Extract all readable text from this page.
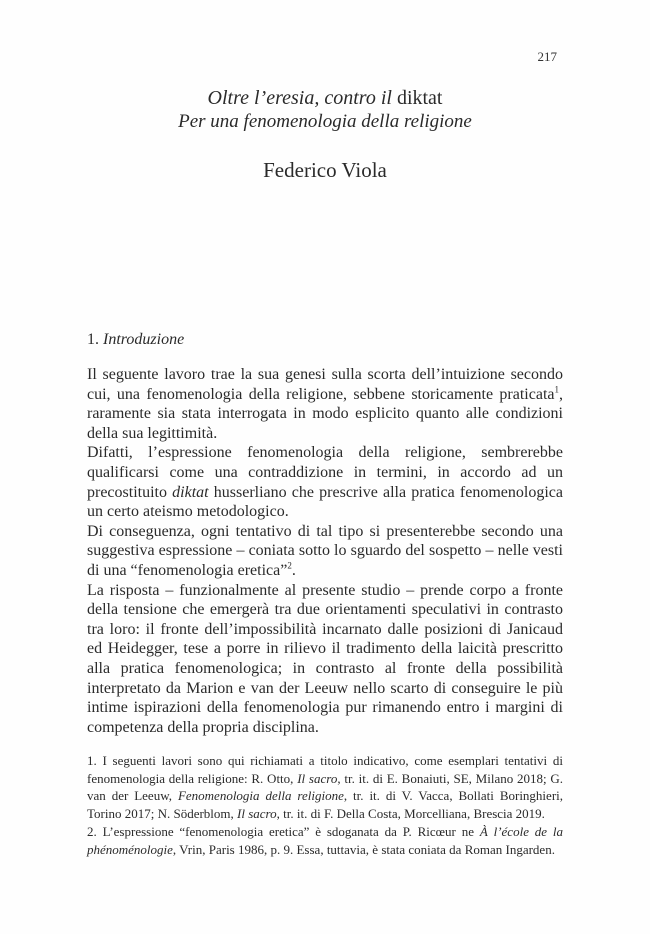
217
Oltre l’eresia, contro il diktat
Per una fenomenologia della religione
Federico Viola
1. Introduzione

Il seguente lavoro trae la sua genesi sulla scorta dell’intuizione secondo cui, una fenomenologia della religione, sebbene storicamente praticata$^1$, raramente sia stata interrogata in modo esplicito quanto alle condizioni della sua legittimità.

Difatti, l’espressione fenomenologia della religione, sembrerebbe qualificarsi come una contraddizione in termini, in accordo ad un precostituito diktat husserliano che prescrive alla pratica fenomenologica un certo ateismo metodologico.

Di conseguenza, ogni tentativo di tal tipo si presenterebbe secondo una suggestiva espressione – coniata sotto lo sguardo del sospetto – nelle vesti di una “fenomenologia eretica”$^2$.

La risposta – funzionalmente al presente studio – prende corpo a fronte della tensione che emergerà tra due orientamenti speculativi in contrasto tra loro: il fronte dell’impossibilità incarnato dalle posizioni di Janicaud ed Heidegger, tese a porre in rilievo il tradimento della laicità prescritto alla pratica fenomenologica; in contrasto al fronte della possibilità interpretato da Marion e van der Leeuw nello scarto di conseguire le più intime ispirazioni della fenomenologia pur rimanendo entro i margini di competenza della propria disciplina.

1. I seguenti lavori sono qui richiamati a titolo indicativo, come esemplari tentativi di fenomenologia della religione: R. Otto, Il sacro, tr. it. di E. Bonaiuti, SE, Milano 2018; G. van der Leeuw, Fenomenologia della religione, tr. it. di V. Vacca, Bollati Boringhieri, Torino 2017; N. Söderblom, Il sacro, tr. it. di F. Della Costa, Morcelliana, Brescia 2019.

2. L’espressione “fenomenologia eretica” è sdoganata da P. Ricœur ne À l’école de la phénoménologie, Vrin, Paris 1986, p. 9. Essa, tuttavia, è stata coniata da Roman Ingarden.
